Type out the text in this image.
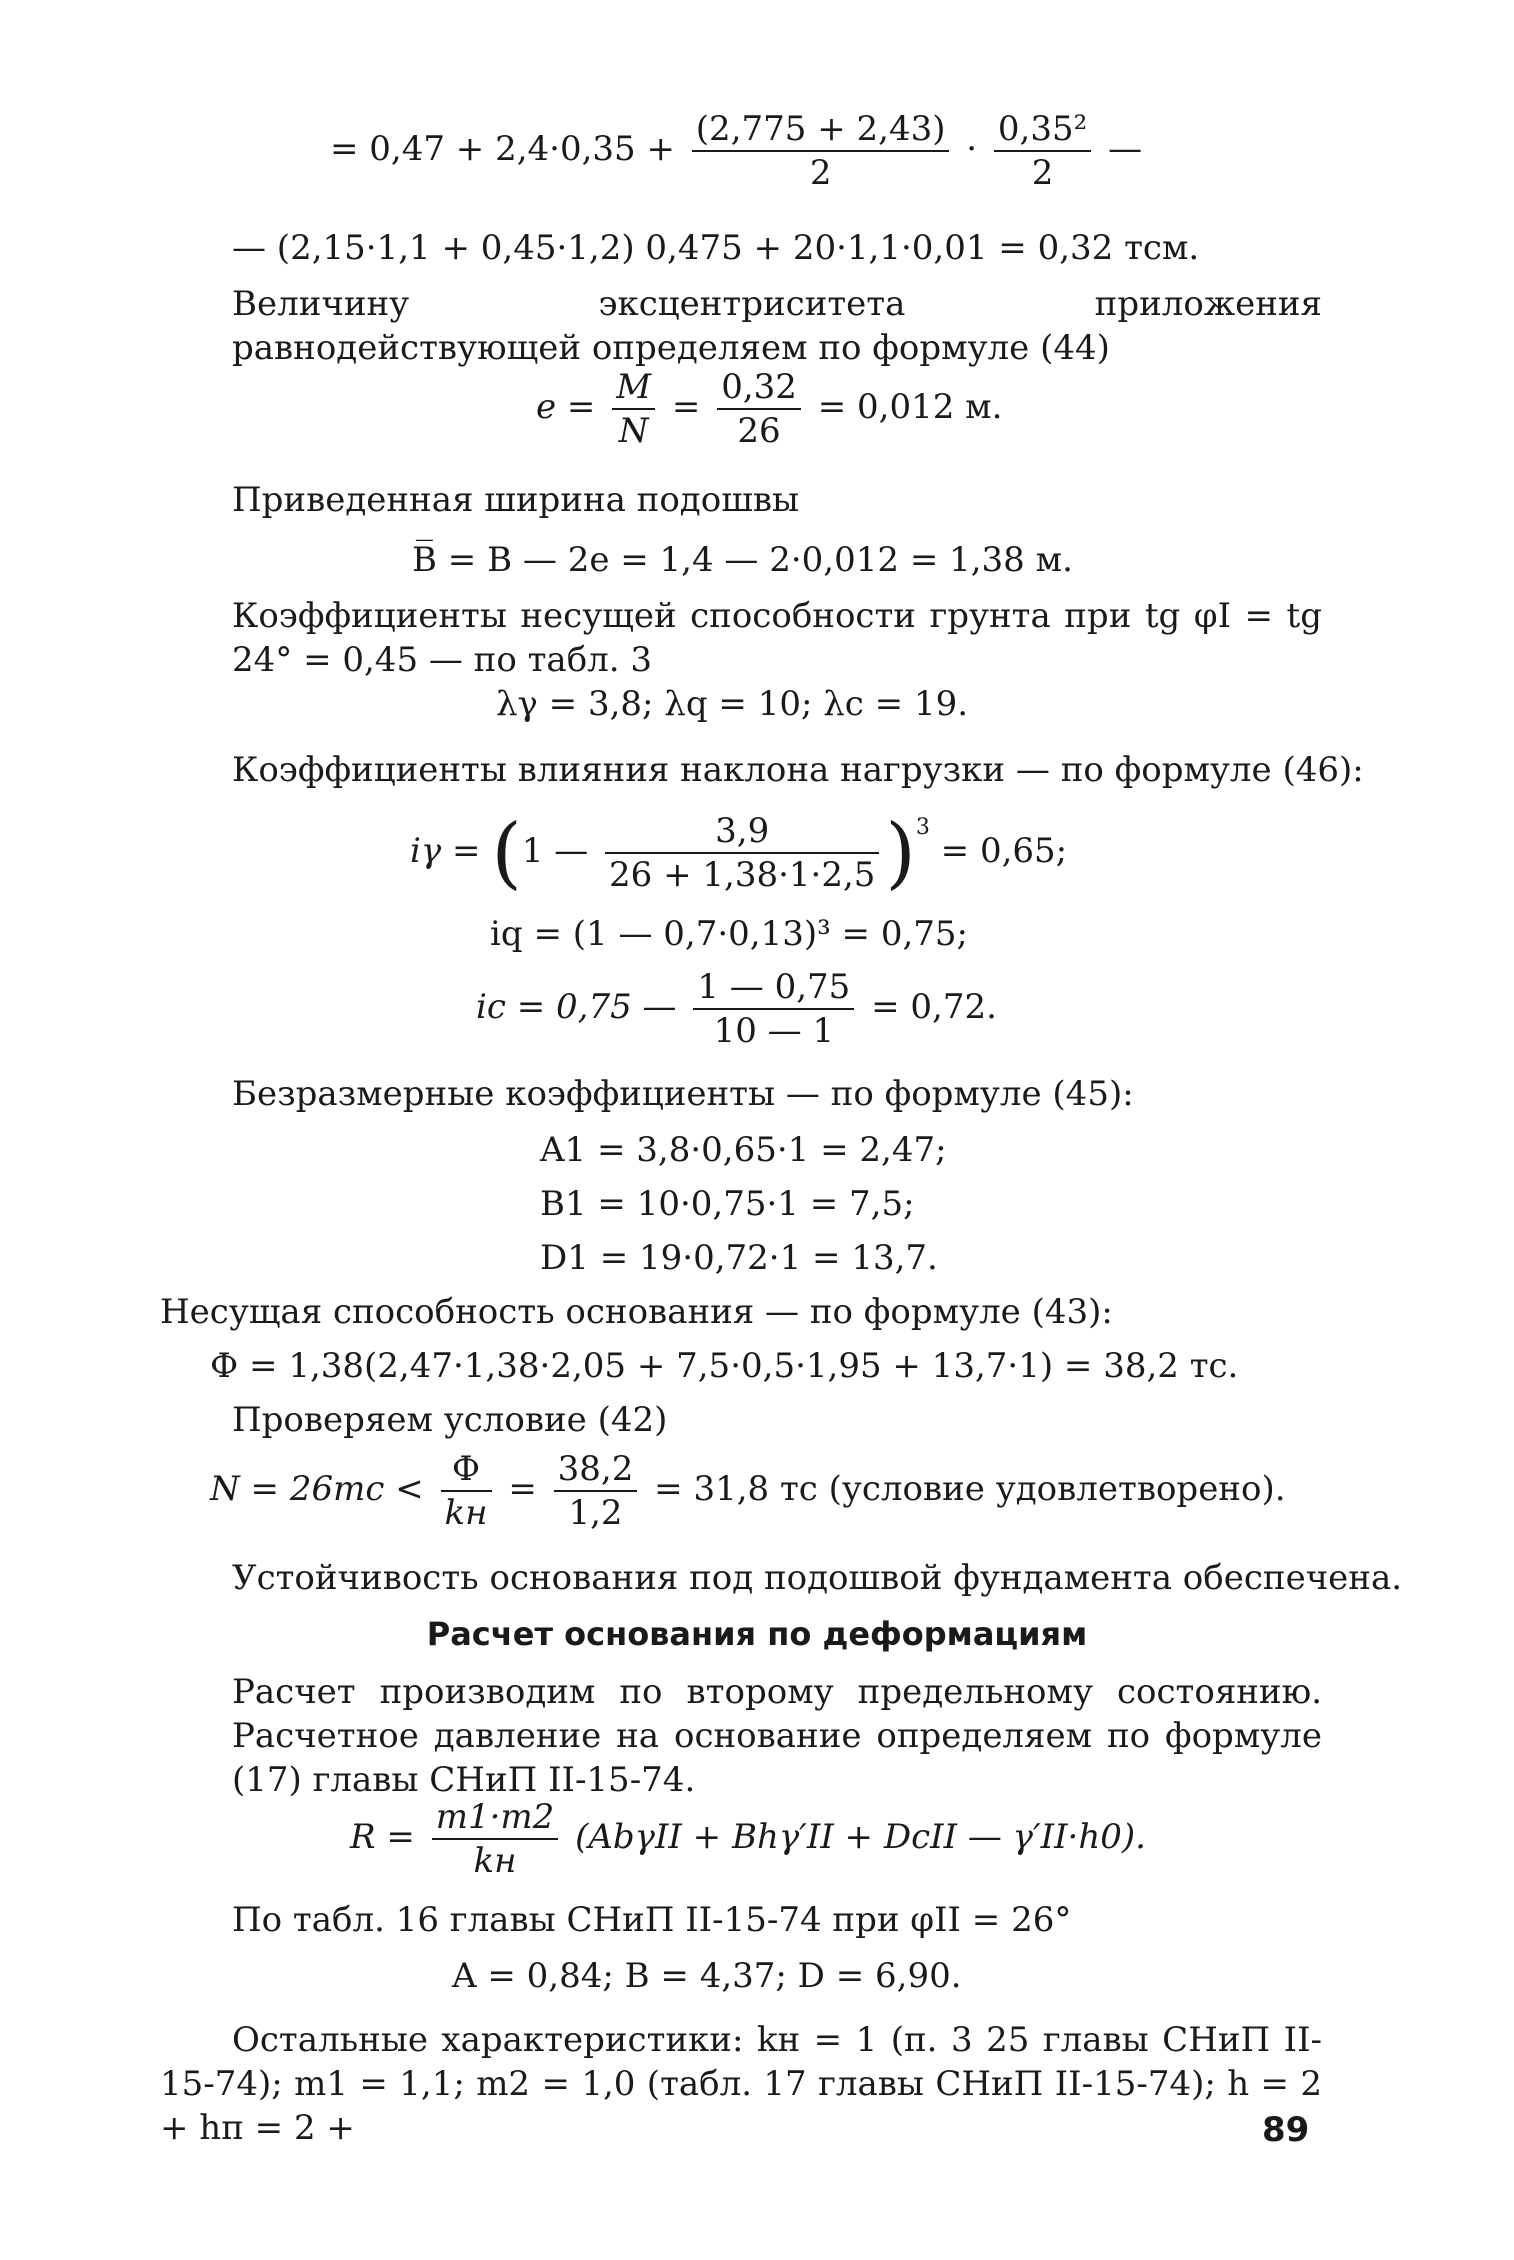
= $0,47 + 2,4\cdot 0,35 + \frac{(2,775 + 2,43)}{2} \cdot \frac{\text{0,35²}}{2}$ —
— (2,15·1,1 + 0,45·1,2) 0,475 + 20·1,1·0,01 = 0,32 тсм.
Величину эксцентриситета приложения равнодействующей определяем по формуле (44)
$e = \frac{M}{N} = \frac{0,32}{26} = 0,012$ м.
Приведенная ширина подошвы
B̅ = B — 2e = 1,4 — 2·0,012 = 1,38 м.
Коэффициенты несущей способности грунта при tg φI = tg 24° = 0,45 — по табл. 3
λγ = 3,8; λq = 10; λc = 19.
Коэффициенты влияния наклона нагрузки — по формуле (46):
iγ = (1 — $\frac{3,9}{26 + 1,38\cdot 1\cdot 2,5} )^3 = 0,65$;
iq = (1 — 0,7·0,13)³ = 0,75;
ic = 0,75 — $\frac{1 — 0,75}{10 — 1} = 0,72$.
Безразмерные коэффициенты — по формуле (45):
A1 = 3,8·0,65·1 = 2,47;
B1 = 10·0,75·1 = 7,5;
D1 = 19·0,72·1 = 13,7.
Несущая способность основания — по формуле (43):
Ф = 1,38(2,47·1,38·2,05 + 7,5·0,5·1,95 + 13,7·1) = 38,2 тс.
Проверяем условие (42)
$N = 26тс < \frac{Ф}{kн} = \frac{38,2}{1,2} = 31,8$ тс (условие удовлетворено).
Устойчивость основания под подошвой фундамента обеспечена.
Расчет основания по деформациям
Расчет производим по второму предельному состоянию. Расчетное давление на основание определяем по формуле (17) главы СНиП II-15-74.
$R = \frac{m1\cdot m2}{kн} (Ab\gamma II + Bh\gamma'II$ + DcII — γ′II·h0).
По табл. 16 главы СНиП II-15-74 при φII = 26°
A = 0,84; B = 4,37; D = 6,90.
Остальные характеристики: kн = 1 (п. 3 25 главы СНиП II-15-74); m1 = 1,1; m2 = 1,0 (табл. 17 главы СНиП II-15-74); h = 2 + hп = 2 +	89
